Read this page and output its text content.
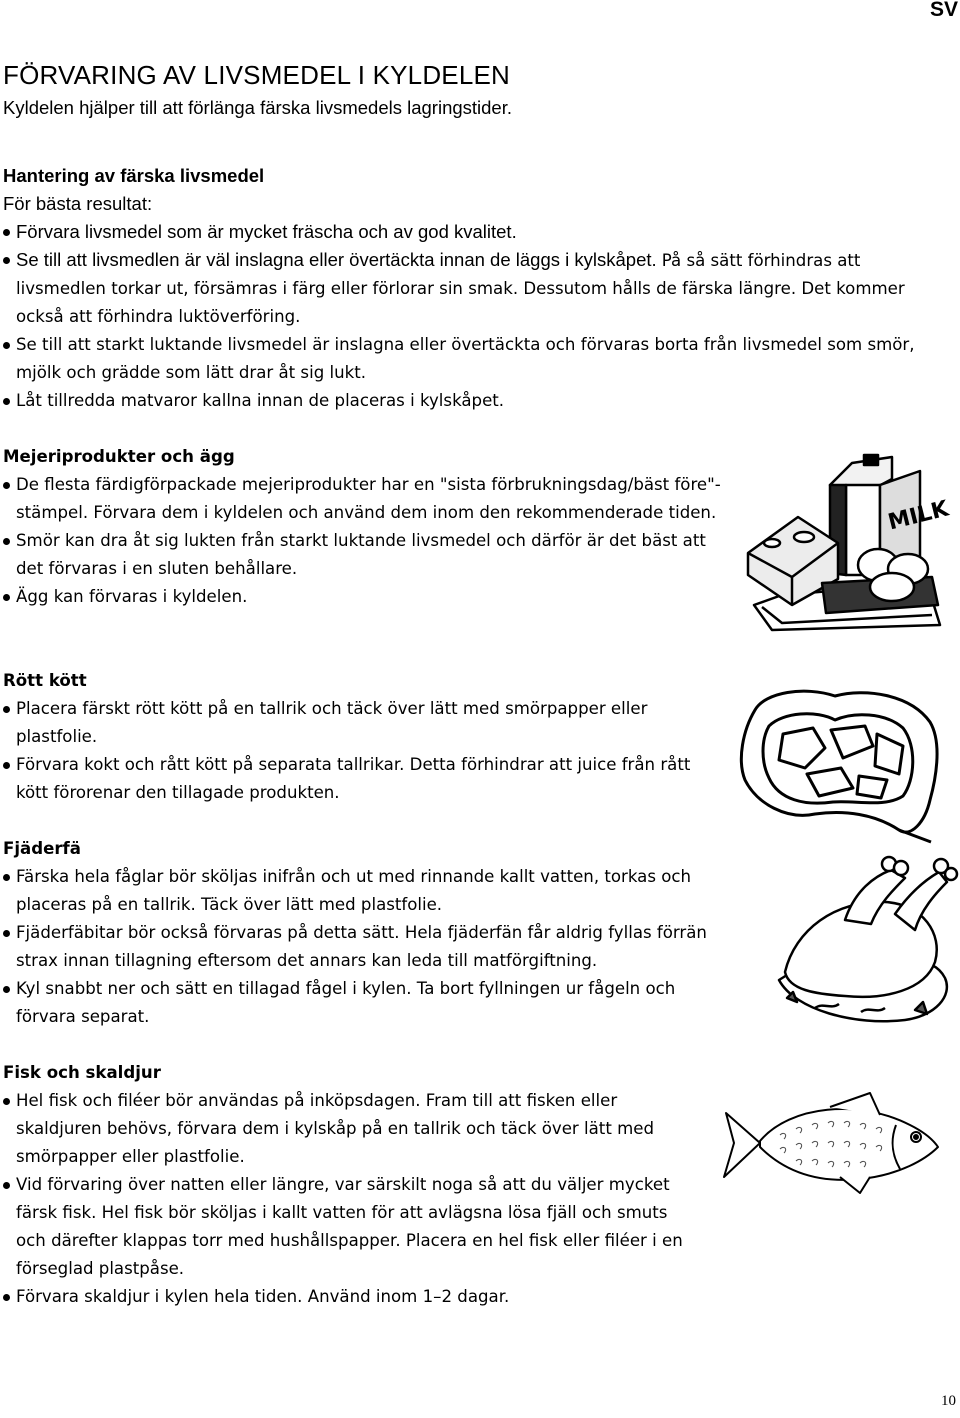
SV
FÖRVARING AV LIVSMEDEL I KYLDELEN
Kyldelen hjälper till att förlänga färska livsmedels lagringstider.
Hantering av färska livsmedel
För bästa resultat:
Förvara livsmedel som är mycket fräscha och av god kvalitet.
Se till att livsmedlen är väl inslagna eller övertäckta innan de läggs i kylskåpet. På så sätt förhindras att livsmedlen torkar ut, försämras i färg eller förlorar sin smak. Dessutom hålls de färska längre. Det kommer också att förhindra luktöverföring.
Se till att starkt luktande livsmedel är inslagna eller övertäckta och förvaras borta från livsmedel som smör, mjölk och grädde som lätt drar åt sig lukt.
Låt tillredda matvaror kallna innan de placeras i kylskåpet.
Mejeriprodukter och ägg
De flesta färdigförpackade mejeriprodukter har en "sista förbrukningsdag/bäst före"-stämpel. Förvara dem i kyldelen och använd dem inom den rekommenderade tiden.
Smör kan dra åt sig lukten från starkt luktande livsmedel och därför är det bäst att det förvaras i en sluten behållare.
Ägg kan förvaras i kyldelen.
Rött kött
Placera färskt rött kött på en tallrik och täck över lätt med smörpapper eller plastfolie.
Förvara kokt och rått kött på separata tallrikar. Detta förhindrar att juice från rått kött förorenar den tillagade produkten.
Fjäderfä
Färska hela fåglar bör sköljas inifrån och ut med rinnande kallt vatten, torkas och placeras på en tallrik. Täck över lätt med plastfolie.
Fjäderfäbitar bör också förvaras på detta sätt. Hela fjäderfän får aldrig fyllas förrän strax innan tillagning eftersom det annars kan leda till matförgiftning.
Kyl snabbt ner och sätt en tillagad fågel i kylen. Ta bort fyllningen ur fågeln och förvara separat.
Fisk och skaldjur
Hel fisk och filéer bör användas på inköpsdagen. Fram till att fisken eller skaldjuren behövs, förvara dem i kylskåp på en tallrik och täck över lätt med smörpapper eller plastfolie.
Vid förvaring över natten eller längre, var särskilt noga så att du väljer mycket färsk fisk. Hel fisk bör sköljas i kallt vatten för att avlägsna lösa fjäll och smuts och därefter klappas torr med hushållspapper. Placera en hel fisk eller filéer i en förseglad plastpåse.
Förvara skaldjur i kylen hela tiden. Använd inom 1–2 dagar.
MILK
10
